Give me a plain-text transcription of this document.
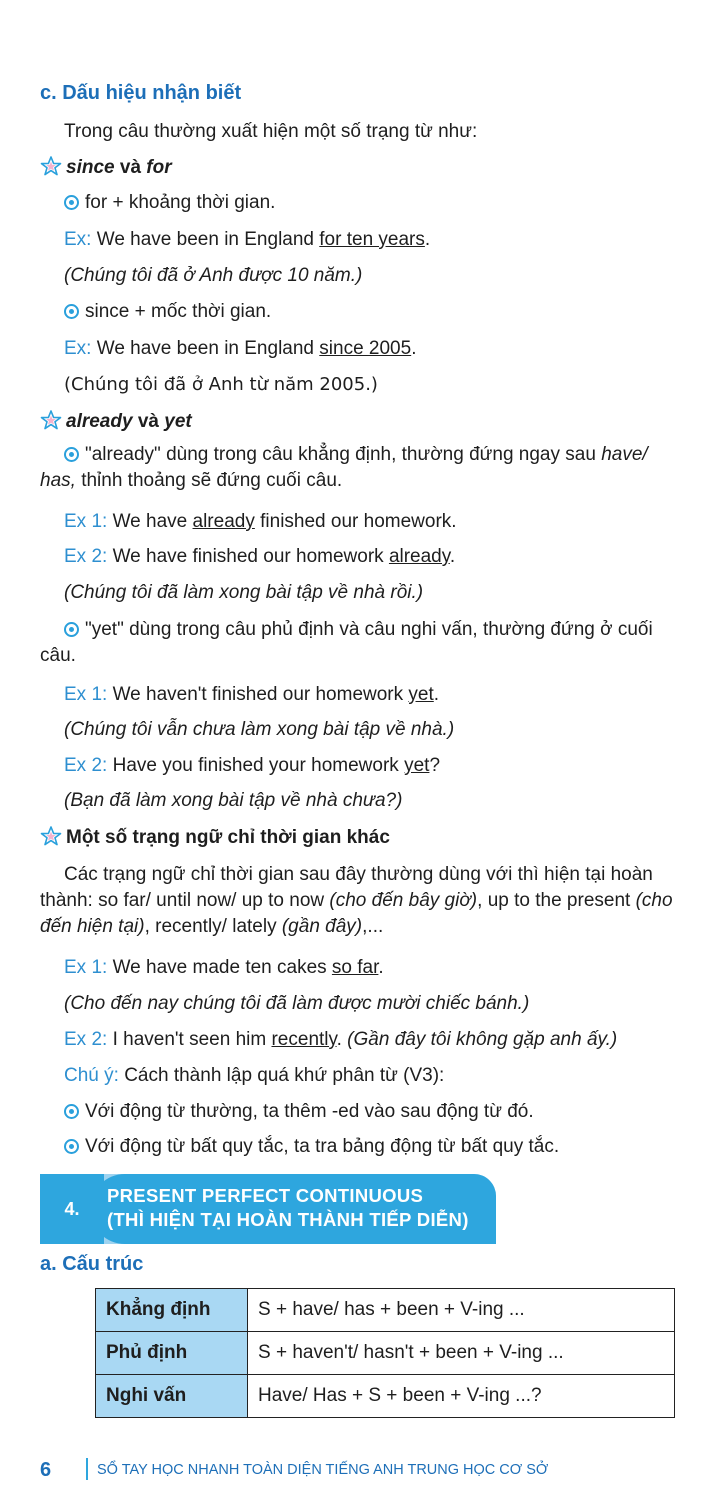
c. Dấu hiệu nhận biết
Trong câu thường xuất hiện một số trạng từ như:
since và for
for + khoảng thời gian.
Ex: We have been in England for ten years.
(Chúng tôi đã ở Anh được 10 năm.)
since + mốc thời gian.
Ex: We have been in England since 2005.
(Chúng tôi đã ở Anh từ năm 2005.)
already và yet
"already" dùng trong câu khẳng định, thường đứng ngay sau have/ has, thỉnh thoảng sẽ đứng cuối câu.
Ex 1: We have already finished our homework.
Ex 2: We have finished our homework already.
(Chúng tôi đã làm xong bài tập về nhà rồi.)
"yet" dùng trong câu phủ định và câu nghi vấn, thường đứng ở cuối câu.
Ex 1: We haven't finished our homework yet.
(Chúng tôi vẫn chưa làm xong bài tập về nhà.)
Ex 2: Have you finished your homework yet?
(Bạn đã làm xong bài tập về nhà chưa?)
Một số trạng ngữ chỉ thời gian khác
Các trạng ngữ chỉ thời gian sau đây thường dùng với thì hiện tại hoàn thành: so far/ until now/ up to now (cho đến bây giờ), up to the present (cho đến hiện tại), recently/ lately (gần đây),...
Ex 1: We have made ten cakes so far.
(Cho đến nay chúng tôi đã làm được mười chiếc bánh.)
Ex 2: I haven't seen him recently. (Gần đây tôi không gặp anh ấy.)
Chú ý: Cách thành lập quá khứ phân từ (V3):
Với động từ thường, ta thêm -ed vào sau động từ đó.
Với động từ bất quy tắc, ta tra bảng động từ bất quy tắc.
PRESENT PERFECT CONTINUOUS
(THÌ HIỆN TẠI HOÀN THÀNH TIẾP DIỄN)
4.
a. Cấu trúc
Khẳng định	S + have/ has + been + V-ing ...
Phủ định	S + haven't/ hasn't + been + V-ing ...
Nghi vấn	Have/ Has + S + been + V-ing ...?
6	SỔ TAY HỌC NHANH TOÀN DIỆN TIẾNG ANH TRUNG HỌC CƠ SỞ
